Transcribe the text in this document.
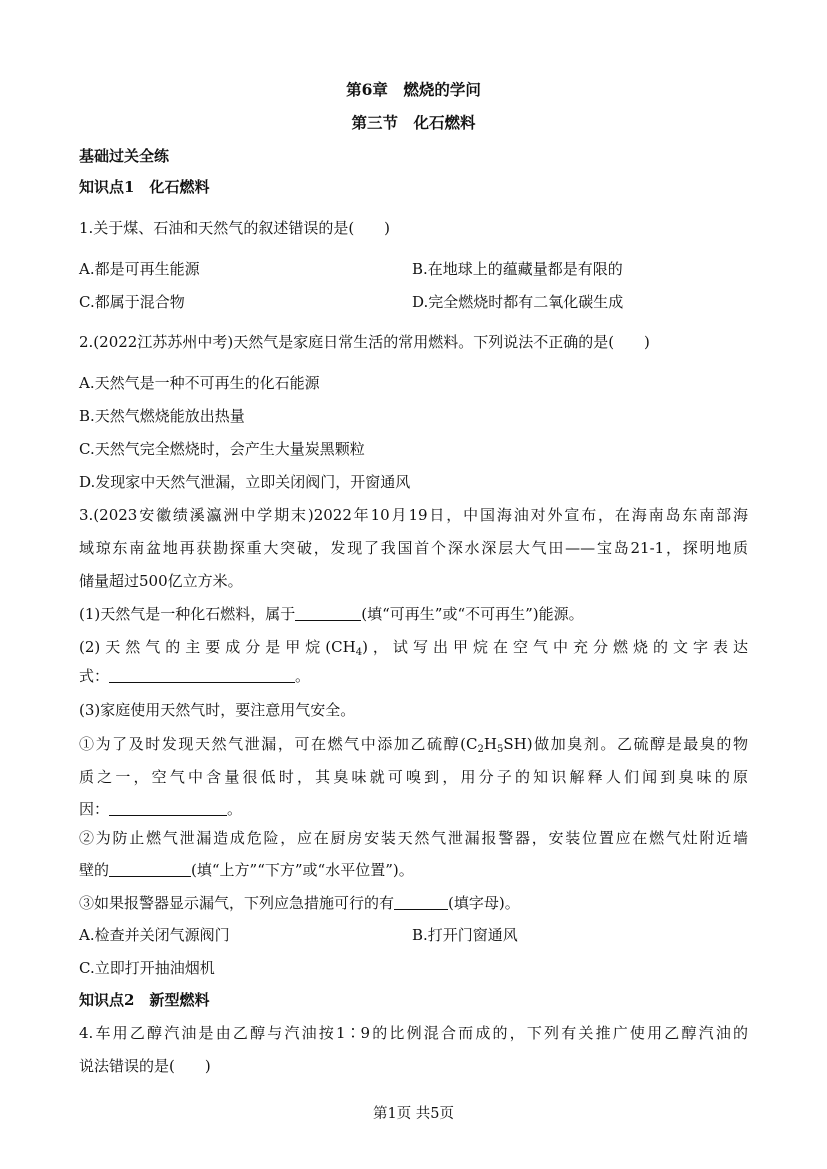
第6章　燃烧的学问
第三节　化石燃料
基础过关全练
知识点1　化石燃料
1.关于煤、石油和天然气的叙述错误的是(　　)
A.都是可再生能源	B.在地球上的蕴藏量都是有限的
C.都属于混合物	D.完全燃烧时都有二氧化碳生成
2.(2022江苏苏州中考)天然气是家庭日常生活的常用燃料。下列说法不正确的是(　　)
A.天然气是一种不可再生的化石能源
B.天然气燃烧能放出热量
C.天然气完全燃烧时，会产生大量炭黑颗粒
D.发现家中天然气泄漏，立即关闭阀门，开窗通风
3.(2023安徽绩溪瀛洲中学期末)2022年10月19日，中国海油对外宣布，在海南岛东南部海
域琼东南盆地再获勘探重大突破，发现了我国首个深水深层大气田——宝岛21-1，探明地质
储量超过500亿立方米。
(1)天然气是一种化石燃料，属于	(填“可再生”或“不可再生”)能源。
(2)天然气的主要成分是甲烷$(CH_4)$，试写出甲烷在空气中充分燃烧的文字表达
式：	。
(3)家庭使用天然气时，要注意用气安全。
①为了及时发现天然气泄漏，可在燃气中添加乙硫醇$(C_2H_5SH)$做加臭剂。乙硫醇是最臭的物
质之一，空气中含量很低时，其臭味就可嗅到，用分子的知识解释人们闻到臭味的原
因：	。
②为防止燃气泄漏造成危险，应在厨房安装天然气泄漏报警器，安装位置应在燃气灶附近墙
壁的	(填“上方”“下方”或“水平位置”)。
③如果报警器显示漏气，下列应急措施可行的有	(填字母)。
A.检查并关闭气源阀门	B.打开门窗通风
C.立即打开抽油烟机
知识点2　新型燃料
4.车用乙醇汽油是由乙醇与汽油按1∶9的比例混合而成的，下列有关推广使用乙醇汽油的
说法错误的是(　　)
第1页 共5页
